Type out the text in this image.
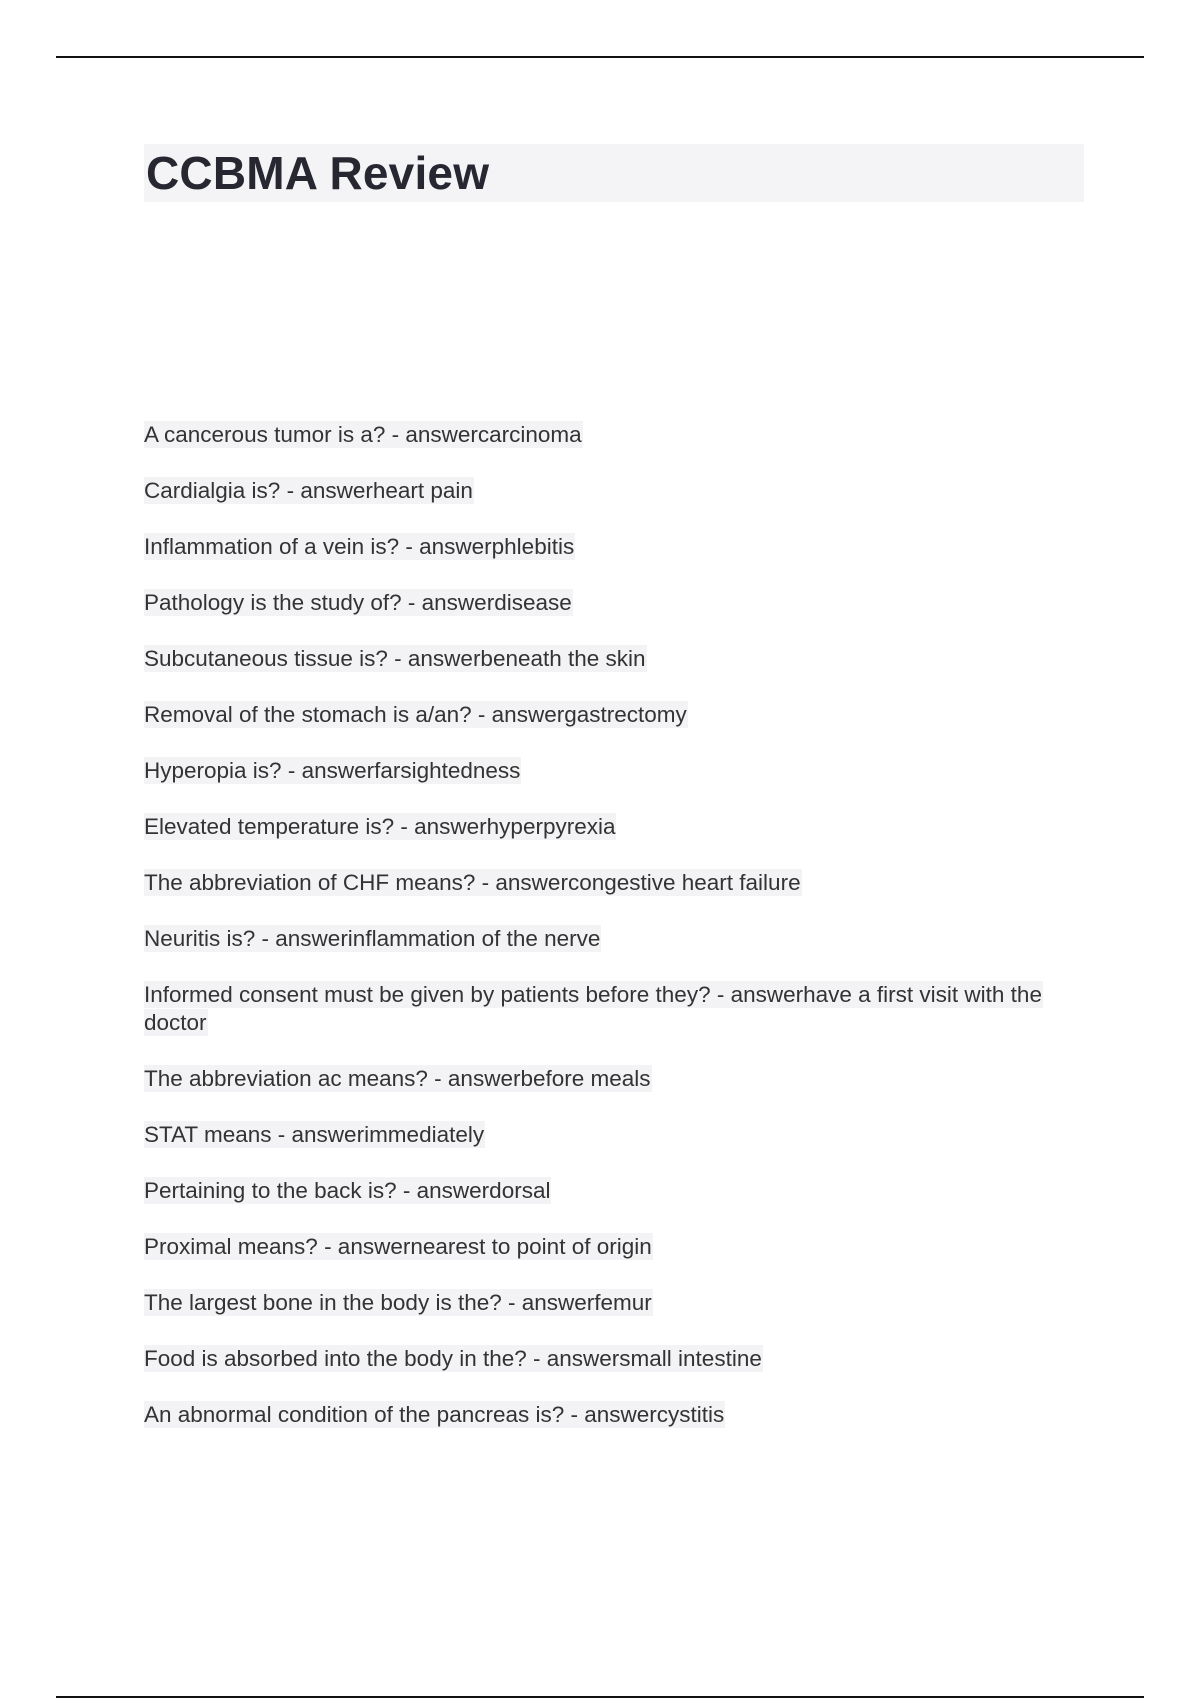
CCBMA Review
A cancerous tumor is a? - answercarcinoma
Cardialgia is? - answerheart pain
Inflammation of a vein is? - answerphlebitis
Pathology is the study of? - answerdisease
Subcutaneous tissue is? - answerbeneath the skin
Removal of the stomach is a/an? - answergastrectomy
Hyperopia is? - answerfarsightedness
Elevated temperature is? - answerhyperpyrexia
The abbreviation of CHF means? - answercongestive heart failure
Neuritis is? - answerinflammation of the nerve
Informed consent must be given by patients before they? - answerhave a first visit with the doctor
The abbreviation ac means? - answerbefore meals
STAT means - answerimmediately
Pertaining to the back is? - answerdorsal
Proximal means? - answernearest to point of origin
The largest bone in the body is the? - answerfemur
Food is absorbed into the body in the? - answersmall intestine
An abnormal condition of the pancreas is? - answercystitis
